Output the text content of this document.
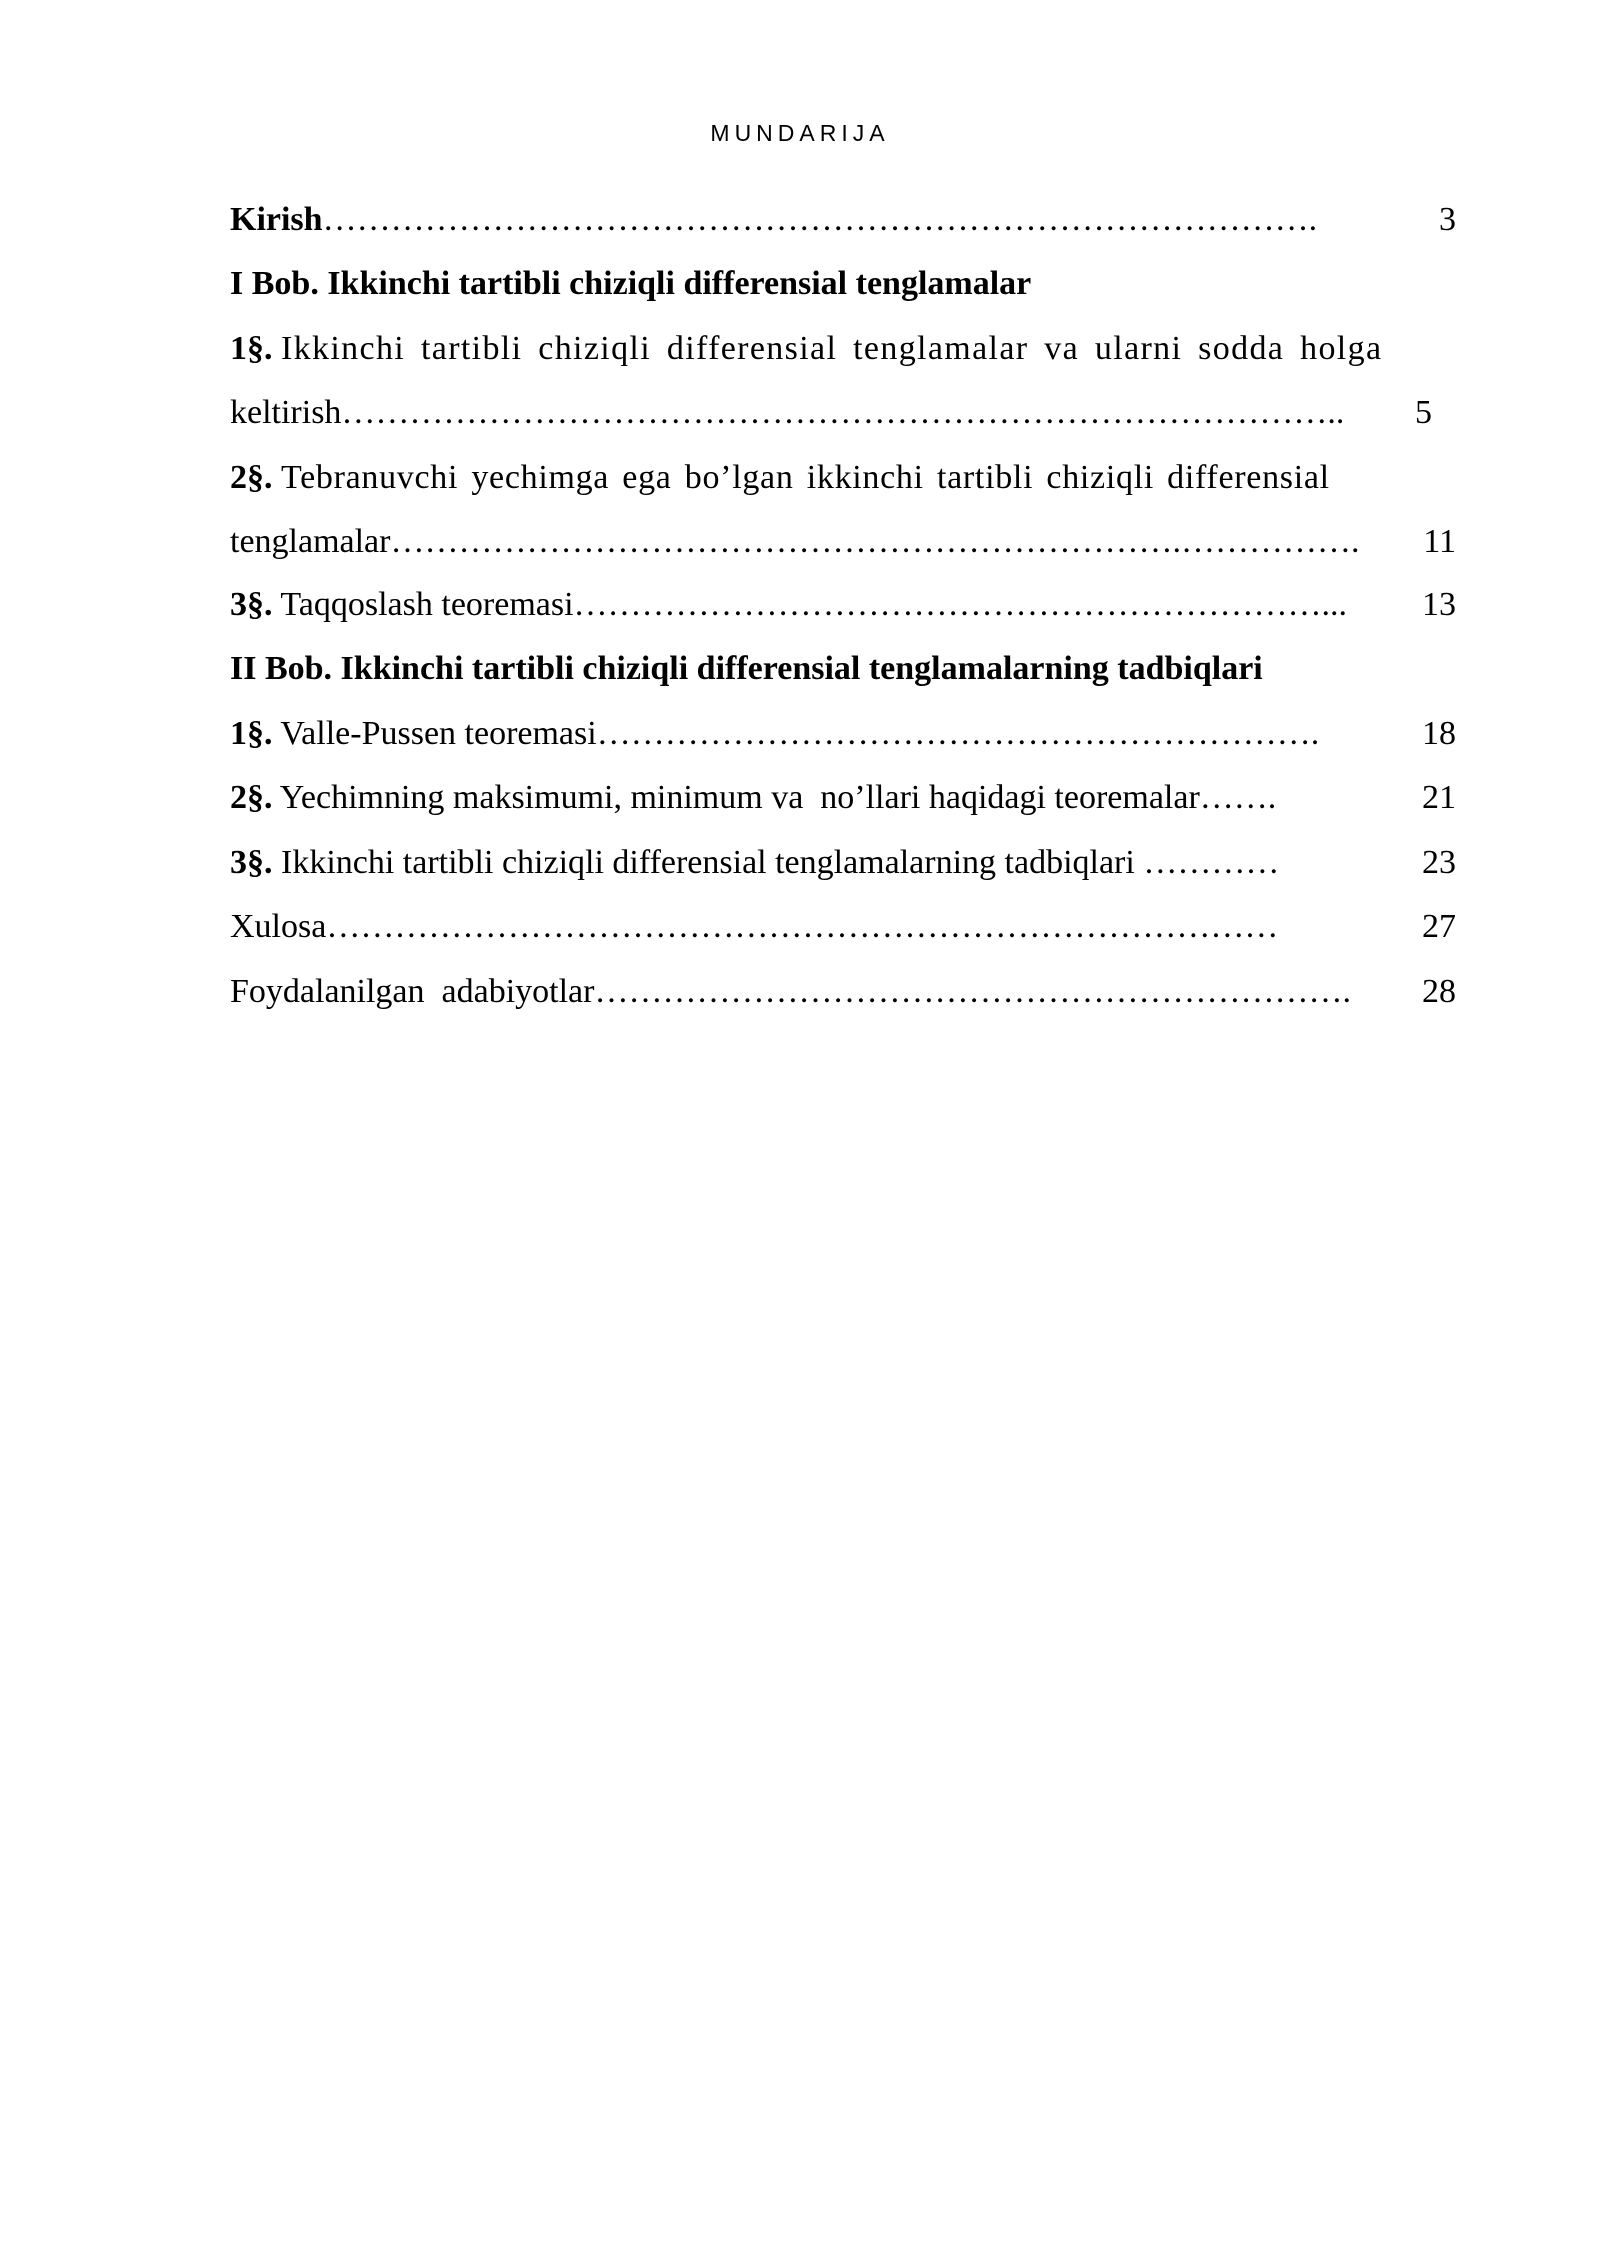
MUNDARIJA
Kirish…………………………………………………………………………….	3
I Bob. Ikkinchi tartibli chiziqli differensial tenglamalar
1§. Ikkinchi tartibli chiziqli differensial tenglamalar va ularni sodda holga
keltirish…………………………………………………………………………….. 5
2§. Tebranuvchi yechimga ega bo’lgan ikkinchi tartibli chiziqli differensial
tenglamalar…………………………………………………………….……………. 11
3§. Taqqoslash teoremasi…………………………………………………………... 13
II Bob. Ikkinchi tartibli chiziqli differensial tenglamalarning tadbiqlari
1§. Valle-Pussen teoremasi……………………………………………………….	18
2§. Yechimning maksimumi, minimum va  no’llari haqidagi teoremalar…….	21
3§. Ikkinchi tartibli chiziqli differensial tenglamalarning tadbiqlari …………	23
Xulosa…………………………………………………………………………	27
Foydalanilgan  adabiyotlar…………………………………………………………. 28
